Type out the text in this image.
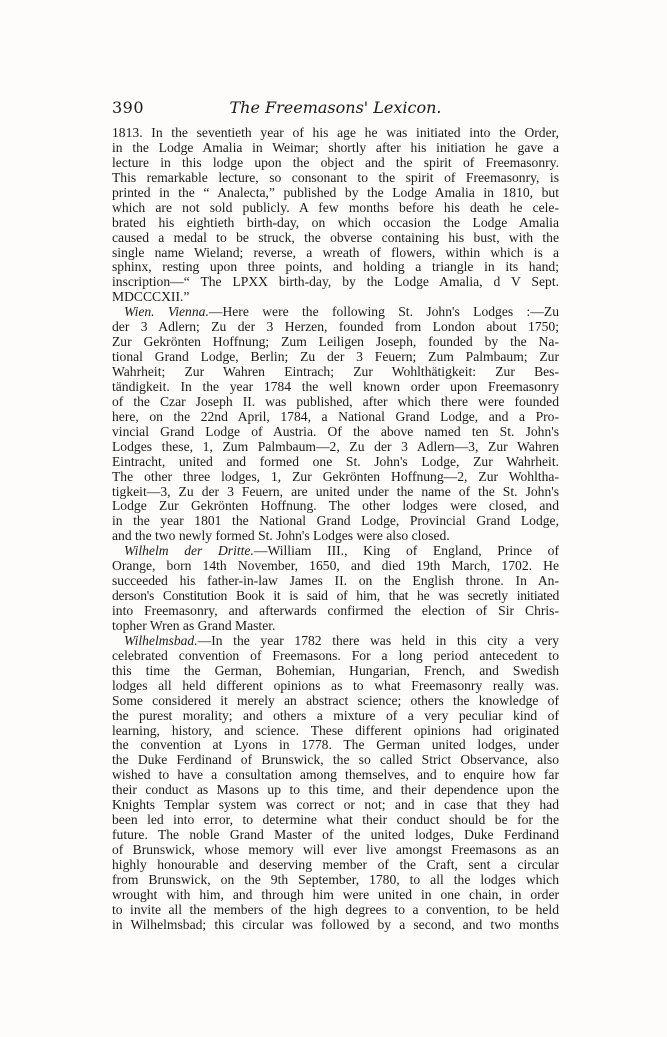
390	The Freemasons' Lexicon.
1813. In the seventieth year of his age he was initiated into the Order,
in the Lodge Amalia in Weimar; shortly after his initiation he gave a
lecture in this lodge upon the object and the spirit of Freemasonry.
This remarkable lecture, so consonant to the spirit of Freemasonry, is
printed in the “ Analecta,” published by the Lodge Amalia in 1810, but
which are not sold publicly. A few months before his death he cele-
brated his eightieth birth-day, on which occasion the Lodge Amalia
caused a medal to be struck, the obverse containing his bust, with the
single name Wieland; reverse, a wreath of flowers, within which is a
sphinx, resting upon three points, and holding a triangle in its hand;
inscription—“ The LPXX birth-day, by the Lodge Amalia, d V Sept.
MDCCCXII.”
Wien. Vienna.—Here were the following St. John's Lodges :—Zu
der 3 Adlern; Zu der 3 Herzen, founded from London about 1750;
Zur Gekrönten Hoffnung; Zum Leiligen Joseph, founded by the Na-
tional Grand Lodge, Berlin; Zu der 3 Feuern; Zum Palmbaum; Zur
Wahrheit; Zur Wahren Eintrach; Zur Wohlthätigkeit: Zur Bes-
tändigkeit. In the year 1784 the well known order upon Freemasonry
of the Czar Joseph II. was published, after which there were founded
here, on the 22nd April, 1784, a National Grand Lodge, and a Pro-
vincial Grand Lodge of Austria. Of the above named ten St. John's
Lodges these, 1, Zum Palmbaum—2, Zu der 3 Adlern—3, Zur Wahren
Eintracht, united and formed one St. John's Lodge, Zur Wahrheit.
The other three lodges, 1, Zur Gekrönten Hoffnung—2, Zur Wohltha-
tigkeit—3, Zu der 3 Feuern, are united under the name of the St. John's
Lodge Zur Gekrönten Hoffnung. The other lodges were closed, and
in the year 1801 the National Grand Lodge, Provincial Grand Lodge,
and the two newly formed St. John's Lodges were also closed.
Wilhelm der Dritte.—William III., King of England, Prince of
Orange, born 14th November, 1650, and died 19th March, 1702. He
succeeded his father-in-law James II. on the English throne. In An-
derson's Constitution Book it is said of him, that he was secretly initiated
into Freemasonry, and afterwards confirmed the election of Sir Chris-
topher Wren as Grand Master.
Wilhelmsbad.—In the year 1782 there was held in this city a very
celebrated convention of Freemasons. For a long period antecedent to
this time the German, Bohemian, Hungarian, French, and Swedish
lodges all held different opinions as to what Freemasonry really was.
Some considered it merely an abstract science; others the knowledge of
the purest morality; and others a mixture of a very peculiar kind of
learning, history, and science. These different opinions had originated
the convention at Lyons in 1778. The German united lodges, under
the Duke Ferdinand of Brunswick, the so called Strict Observance, also
wished to have a consultation among themselves, and to enquire how far
their conduct as Masons up to this time, and their dependence upon the
Knights Templar system was correct or not; and in case that they had
been led into error, to determine what their conduct should be for the
future. The noble Grand Master of the united lodges, Duke Ferdinand
of Brunswick, whose memory will ever live amongst Freemasons as an
highly honourable and deserving member of the Craft, sent a circular
from Brunswick, on the 9th September, 1780, to all the lodges which
wrought with him, and through him were united in one chain, in order
to invite all the members of the high degrees to a convention, to be held
in Wilhelmsbad; this circular was followed by a second, and two months
